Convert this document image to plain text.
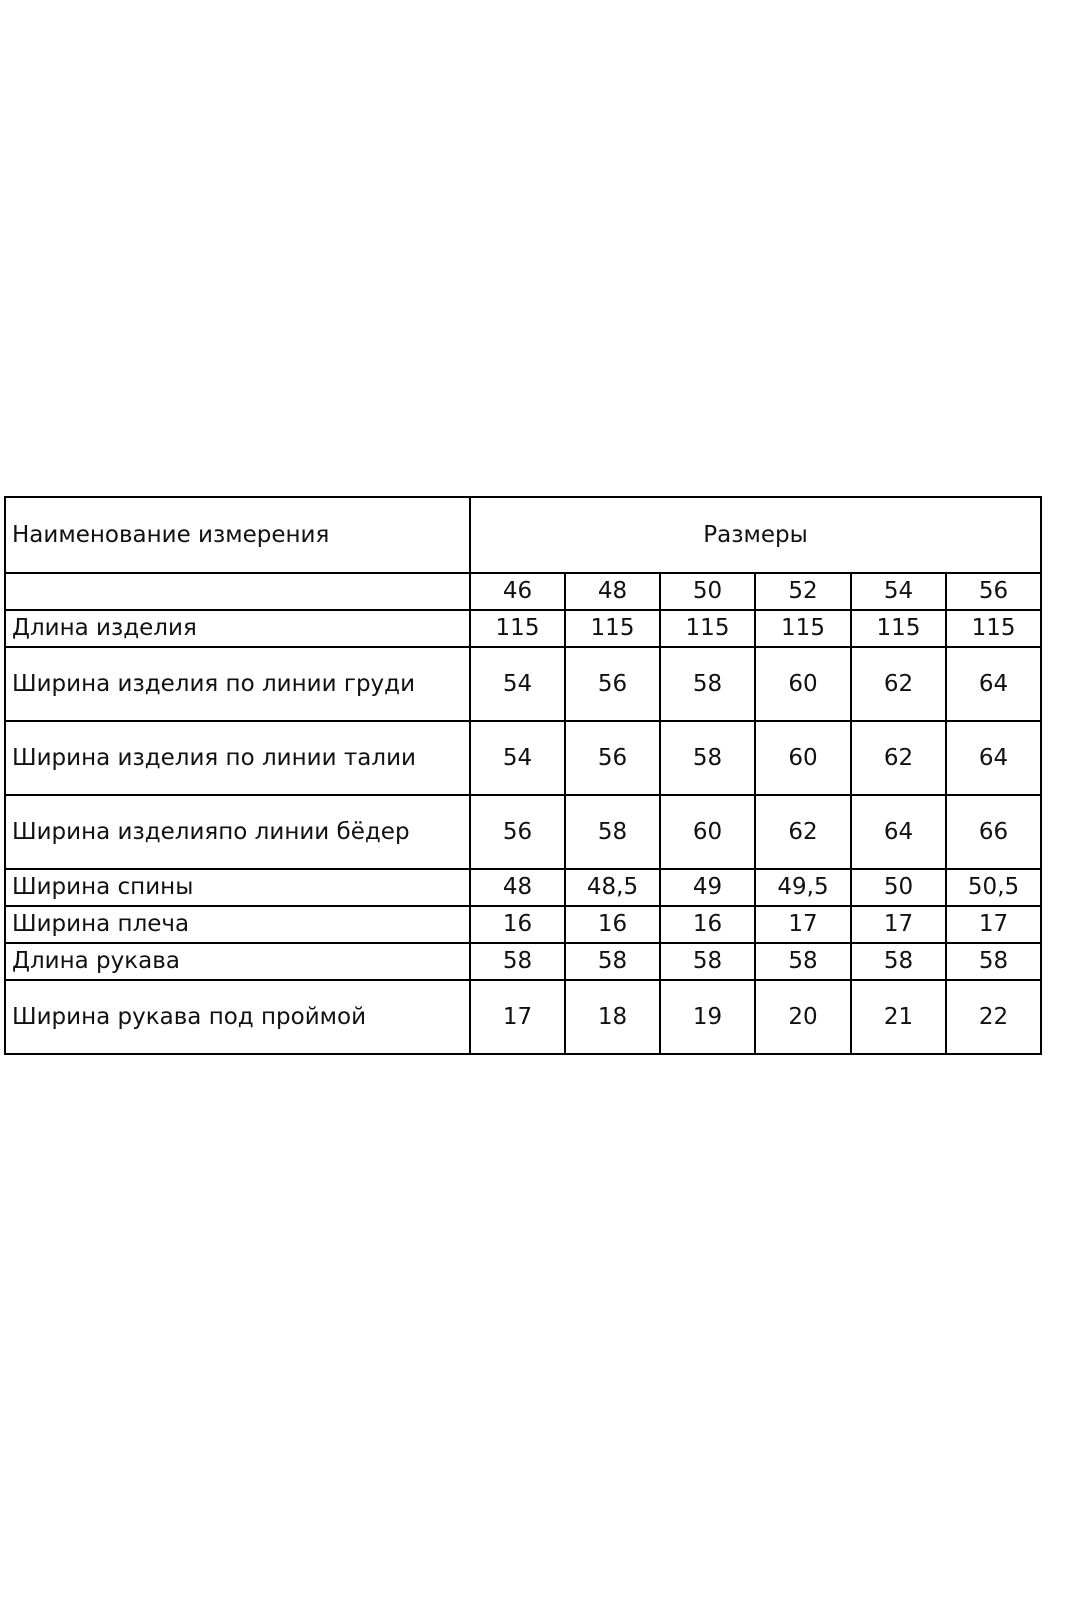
Наименование измерения	Размеры					
	46	48	50	52	54	56
Длина изделия	115	115	115	115	115	115
Ширина изделия по линии груди	54	56	58	60	62	64
Ширина изделия по линии талии	54	56	58	60	62	64
Ширина изделияпо линии бёдер	56	58	60	62	64	66
Ширина спины	48	48,5	49	49,5	50	50,5
Ширина плеча	16	16	16	17	17	17
Длина рукава	58	58	58	58	58	58
Ширина рукава под проймой	17	18	19	20	21	22
